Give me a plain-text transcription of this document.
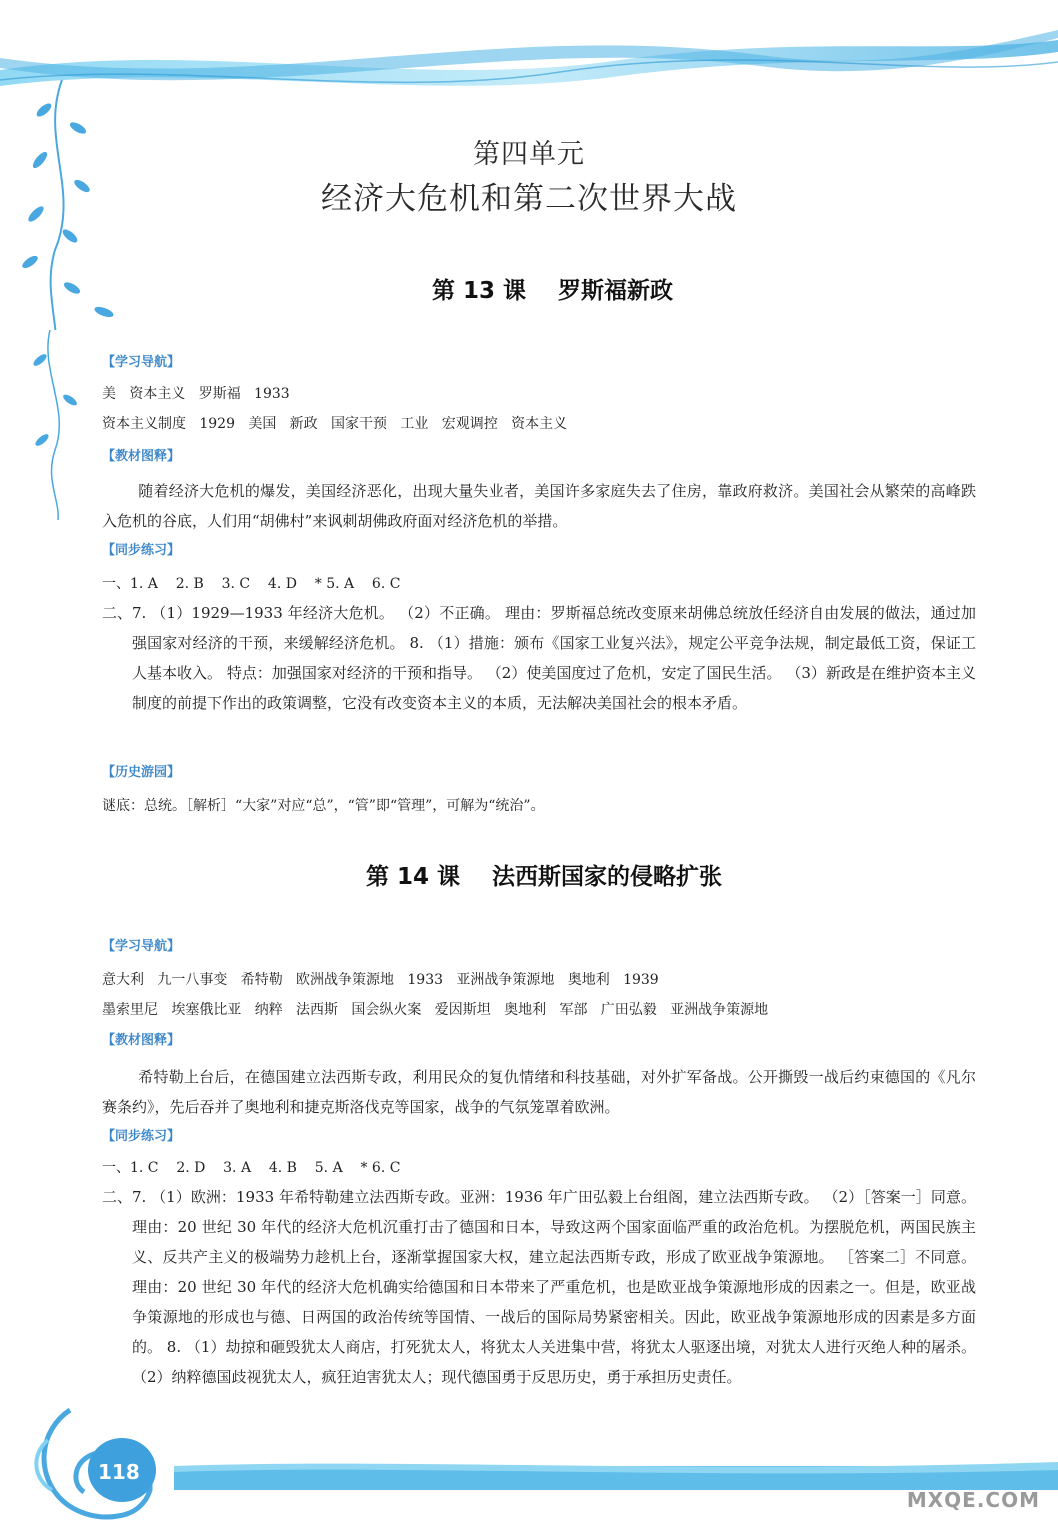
第四单元
经济大危机和第二次世界大战
第 13 课    罗斯福新政
【学习导航】
美   资本主义   罗斯福   1933
资本主义制度   1929   美国   新政   国家干预   工业   宏观调控   资本主义
【教材图释】
随着经济大危机的爆发，美国经济恶化，出现大量失业者，美国许多家庭失去了住房，靠政府救济。美国社会从繁荣的高峰跌入危机的谷底，人们用“胡佛村”来讽刺胡佛政府面对经济危机的举措。
【同步练习】
一、1. A    2. B    3. C    4. D    * 5. A    6. C
二、 7. （1）1929—1933 年经济大危机。 （2）不正确。 理由：罗斯福总统改变原来胡佛总统放任经济自由发展的做法，通过加强国家对经济的干预，来缓解经济危机。 8. （1）措施：颁布《国家工业复兴法》，规定公平竞争法规，制定最低工资，保证工人基本收入。 特点：加强国家对经济的干预和指导。 （2）使美国度过了危机，安定了国民生活。 （3）新政是在维护资本主义制度的前提下作出的政策调整，它没有改变资本主义的本质，无法解决美国社会的根本矛盾。
【历史游园】
谜底：总统。［解析］“大家”对应“总”，“管”即“管理”，可解为“统治”。
第 14 课    法西斯国家的侵略扩张
【学习导航】
意大利   九一八事变   希特勒   欧洲战争策源地   1933   亚洲战争策源地   奥地利   1939
墨索里尼   埃塞俄比亚   纳粹   法西斯   国会纵火案   爱因斯坦   奥地利   军部   广田弘毅   亚洲战争策源地
【教材图释】
希特勒上台后，在德国建立法西斯专政，利用民众的复仇情绪和科技基础，对外扩军备战。公开撕毁一战后约束德国的《凡尔赛条约》，先后吞并了奥地利和捷克斯洛伐克等国家，战争的气氛笼罩着欧洲。
【同步练习】
一、1. C    2. D    3. A    4. B    5. A    * 6. C
二、 7. （1）欧洲：1933 年希特勒建立法西斯专政。亚洲：1936 年广田弘毅上台组阁，建立法西斯专政。 （2）［答案一］同意。 理由：20 世纪 30 年代的经济大危机沉重打击了德国和日本，导致这两个国家面临严重的政治危机。为摆脱危机，两国民族主义、反共产主义的极端势力趁机上台，逐渐掌握国家大权，建立起法西斯专政，形成了欧亚战争策源地。 ［答案二］不同意。 理由：20 世纪 30 年代的经济大危机确实给德国和日本带来了严重危机，也是欧亚战争策源地形成的因素之一。但是，欧亚战争策源地的形成也与德、日两国的政治传统等国情、一战后的国际局势紧密相关。因此，欧亚战争策源地形成的因素是多方面的。 8. （1）劫掠和砸毁犹太人商店，打死犹太人，将犹太人关进集中营，将犹太人驱逐出境，对犹太人进行灭绝人种的屠杀。 （2）纳粹德国歧视犹太人，疯狂迫害犹太人；现代德国勇于反思历史，勇于承担历史责任。
118
MXQE.COM
